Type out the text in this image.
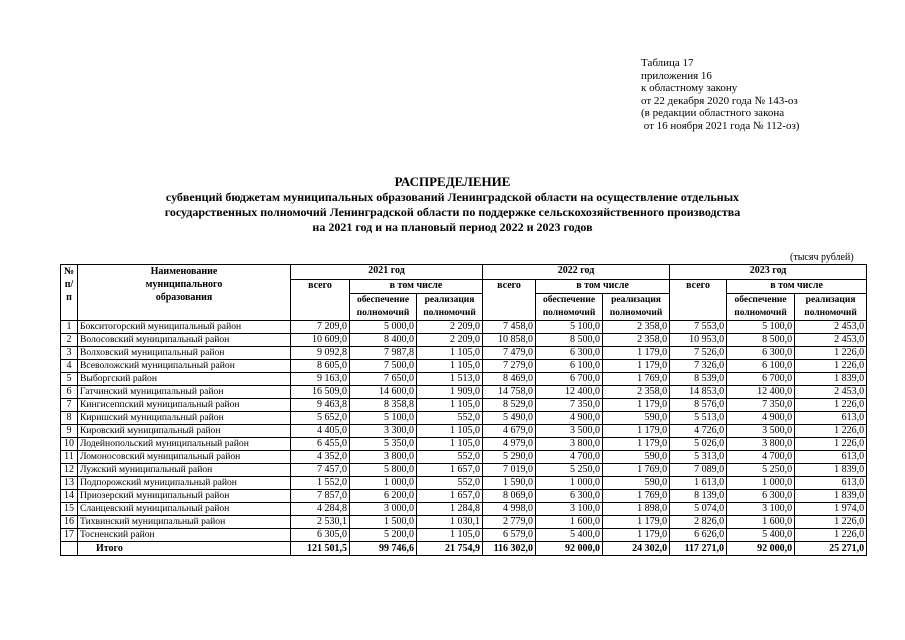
Таблица 17
приложения 16
к областному закону
от 22 декабря 2020 года № 143-оз
(в редакции областного закона
от 16 ноября 2021 года № 112-оз)
РАСПРЕДЕЛЕНИЕ
субвенций бюджетам муниципальных образований Ленинградской области на осуществление отдельных
государственных полномочий Ленинградской области по поддержке сельскохозяйственного производства
на 2021 год и на плановый период 2022 и 2023 годов
(тысяч рублей)
№ п/п	Наименование муниципального образования	2021 год			2022 год			2023 год		
		всего	в том числе		всего	в том числе		всего	в том числе	
			обеспечение полномочий	реализация полномочий		обеспечение полномочий	реализация полномочий		обеспечение полномочий	реализация полномочий
1	Бокситогорский муниципальный район	7 209,0	5 000,0	2 209,0	7 458,0	5 100,0	2 358,0	7 553,0	5 100,0	2 453,0
2	Волосовский муниципальный район	10 609,0	8 400,0	2 209,0	10 858,0	8 500,0	2 358,0	10 953,0	8 500,0	2 453,0
3	Волховский муниципальный район	9 092,8	7 987,8	1 105,0	7 479,0	6 300,0	1 179,0	7 526,0	6 300,0	1 226,0
4	Всеволожский муниципальный район	8 605,0	7 500,0	1 105,0	7 279,0	6 100,0	1 179,0	7 326,0	6 100,0	1 226,0
5	Выборгский район	9 163,0	7 650,0	1 513,0	8 469,0	6 700,0	1 769,0	8 539,0	6 700,0	1 839,0
6	Гатчинский муниципальный район	16 509,0	14 600,0	1 909,0	14 758,0	12 400,0	2 358,0	14 853,0	12 400,0	2 453,0
7	Кингисеппский муниципальный район	9 463,8	8 358,8	1 105,0	8 529,0	7 350,0	1 179,0	8 576,0	7 350,0	1 226,0
8	Киришский муниципальный район	5 652,0	5 100,0	552,0	5 490,0	4 900,0	590,0	5 513,0	4 900,0	613,0
9	Кировский муниципальный район	4 405,0	3 300,0	1 105,0	4 679,0	3 500,0	1 179,0	4 726,0	3 500,0	1 226,0
10	Лодейнопольский муниципальный район	6 455,0	5 350,0	1 105,0	4 979,0	3 800,0	1 179,0	5 026,0	3 800,0	1 226,0
11	Ломоносовский муниципальный район	4 352,0	3 800,0	552,0	5 290,0	4 700,0	590,0	5 313,0	4 700,0	613,0
12	Лужский муниципальный район	7 457,0	5 800,0	1 657,0	7 019,0	5 250,0	1 769,0	7 089,0	5 250,0	1 839,0
13	Подпорожский муниципальный район	1 552,0	1 000,0	552,0	1 590,0	1 000,0	590,0	1 613,0	1 000,0	613,0
14	Приозерский муниципальный район	7 857,0	6 200,0	1 657,0	8 069,0	6 300,0	1 769,0	8 139,0	6 300,0	1 839,0
15	Сланцевский муниципальный район	4 284,8	3 000,0	1 284,8	4 998,0	3 100,0	1 898,0	5 074,0	3 100,0	1 974,0
16	Тихвинский муниципальный район	2 530,1	1 500,0	1 030,1	2 779,0	1 600,0	1 179,0	2 826,0	1 600,0	1 226,0
17	Тосненский район	6 305,0	5 200,0	1 105,0	6 579,0	5 400,0	1 179,0	6 626,0	5 400,0	1 226,0
	Итого	121 501,5	99 746,6	21 754,9	116 302,0	92 000,0	24 302,0	117 271,0	92 000,0	25 271,0
